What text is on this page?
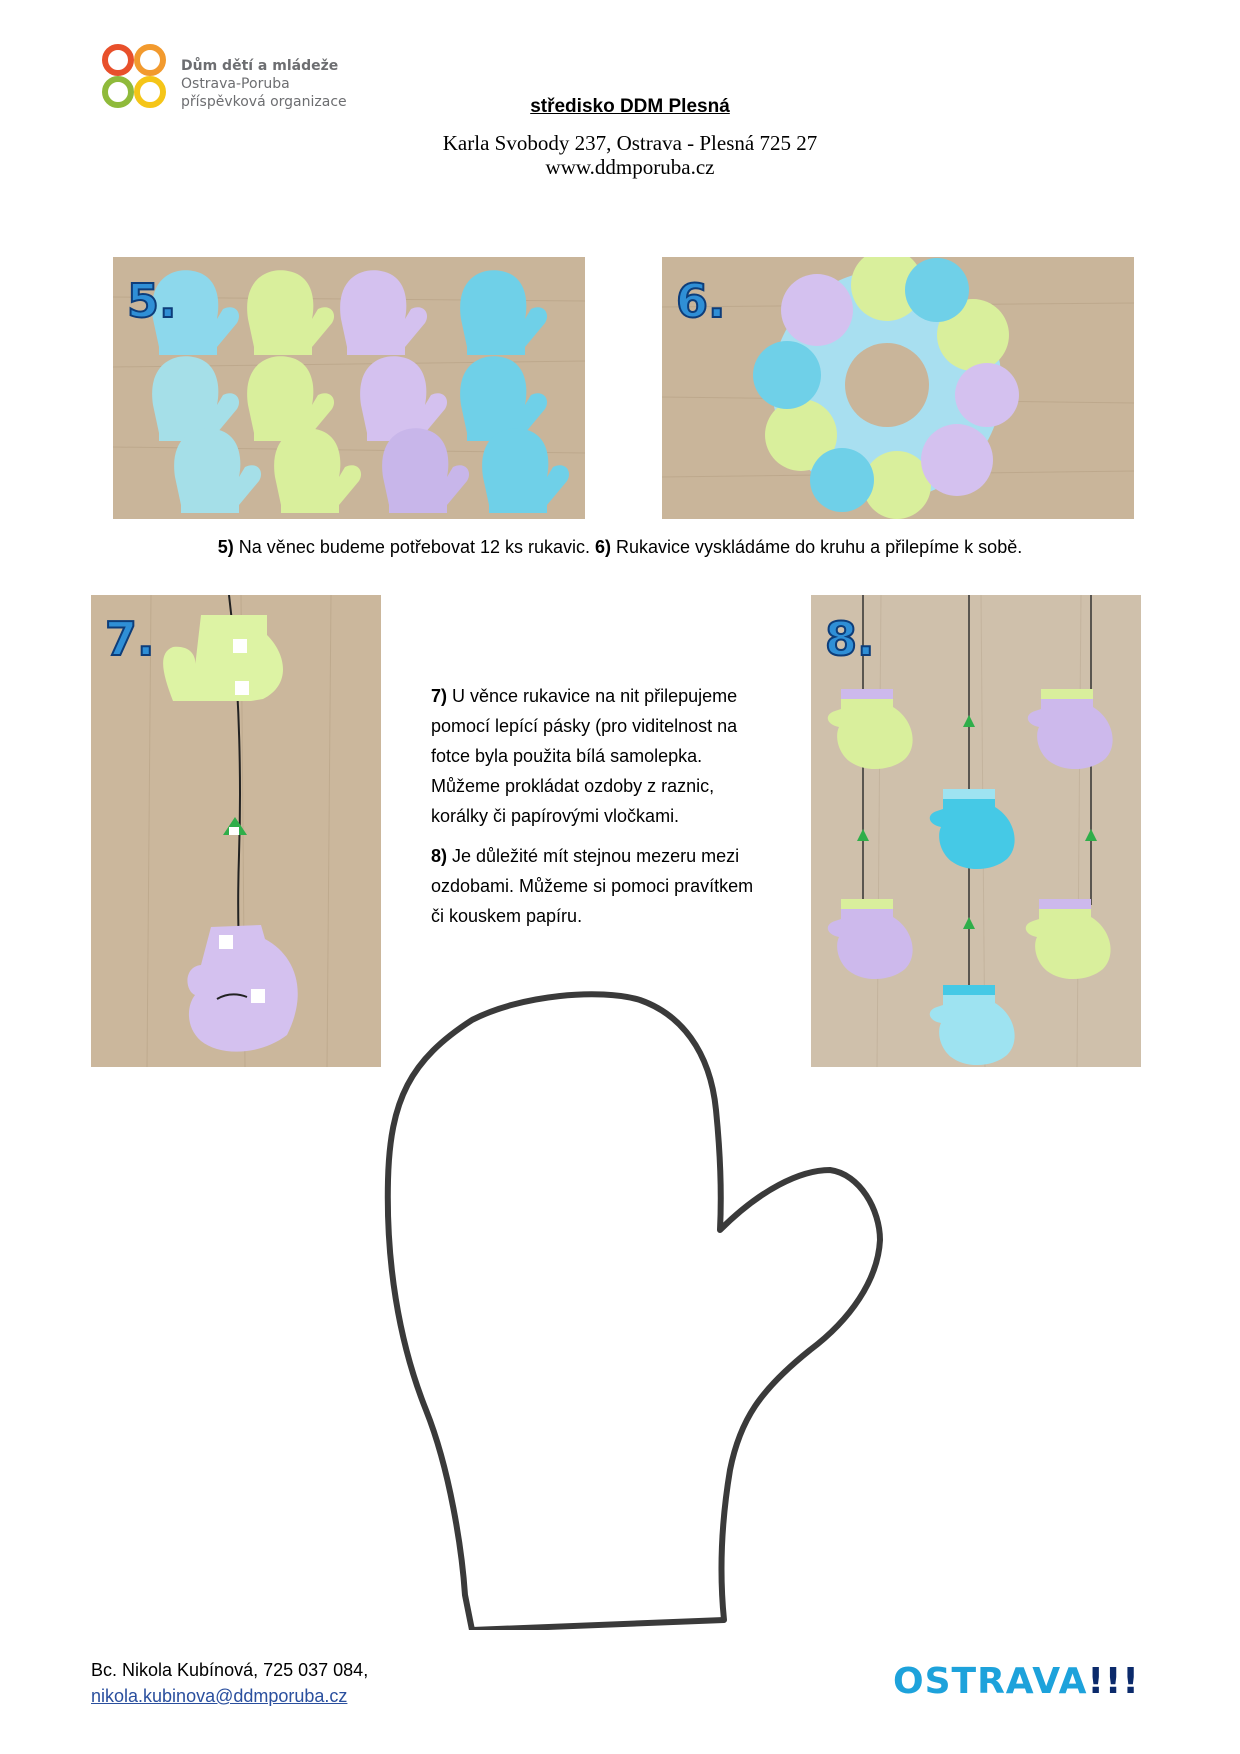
Dům dětí a mládeže
Ostrava-Poruba
příspěvková organizace	středisko DDM Plesná
Karla Svobody 237, Ostrava - Plesná 725 27
www.ddmporuba.cz
5.	6.
5) Na věnec budeme potřebovat 12 ks rukavic. 6) Rukavice vyskládáme do kruhu a přilepíme k sobě.
7.

7) U věnce rukavice na nit přilepujeme pomocí lepící pásky (pro viditelnost na fotce byla použita bílá samolepka. Můžeme prokládat ozdoby z raznic, korálky či papírovými vločkami.

8) Je důležité mít stejnou mezeru mezi ozdobami. Můžeme si pomoci pravítkem či kouskem papíru.

8.
Bc. Nikola Kubínová, 725 037 084,
nikola.kubinova@ddmporuba.cz	OSTRAVA!!!
